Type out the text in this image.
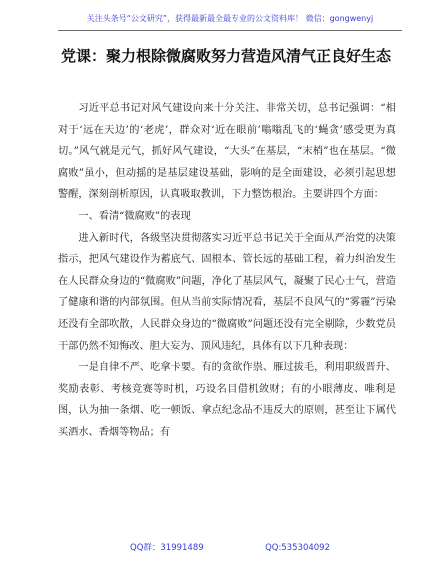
关注头条号“公文研究”，获得最新最全最专业的公文资料库！ 微信：gongwenyj
党课：聚力根除微腐败努力营造风清气正良好生态

习近平总书记对风气建设向来十分关注、非常关切，总书记强调：“相对于‘远在天边’的‘老虎’，群众对‘近在眼前’嗡嗡乱飞的‘蝇贪’感受更为真切。”风气就是元气，抓好风气建设，“大头”在基层，“末梢”也在基层。“微腐败”虽小，但动摇的是基层建设基础，影响的是全面建设，必须引起思想警醒，深刻剖析原因，认真吸取教训，下力整饬根治。主要讲四个方面：

一、看清“微腐败”的表现

进入新时代，各级坚决贯彻落实习近平总书记关于全面从严治党的决策指示，把风气建设作为蓄底气、固根本、管长远的基础工程，着力纠治发生在人民群众身边的“微腐败”问题，净化了基层风气，凝聚了民心士气，营造了健康和谐的内部氛围。但从当前实际情况看，基层不良风气的“雾霾”污染还没有全部吹散，人民群众身边的“微腐败”问题还没有完全剔除，少数党员干部仍然不知悔改、胆大妄为、顶风违纪，具体有以下几种表现：

一是自律不严、吃拿卡要。有的贪欲作祟、雁过拔毛，利用职级晋升、奖励表彰、考核竞赛等时机，巧设名目借机敛财；有的小眼薄皮、唯利是图，认为抽一条烟、吃一顿饭、拿点纪念品不违反大的原则，甚至让下属代买酒水、香烟等物品；有

QQ群：31991489	QQ:535304092
